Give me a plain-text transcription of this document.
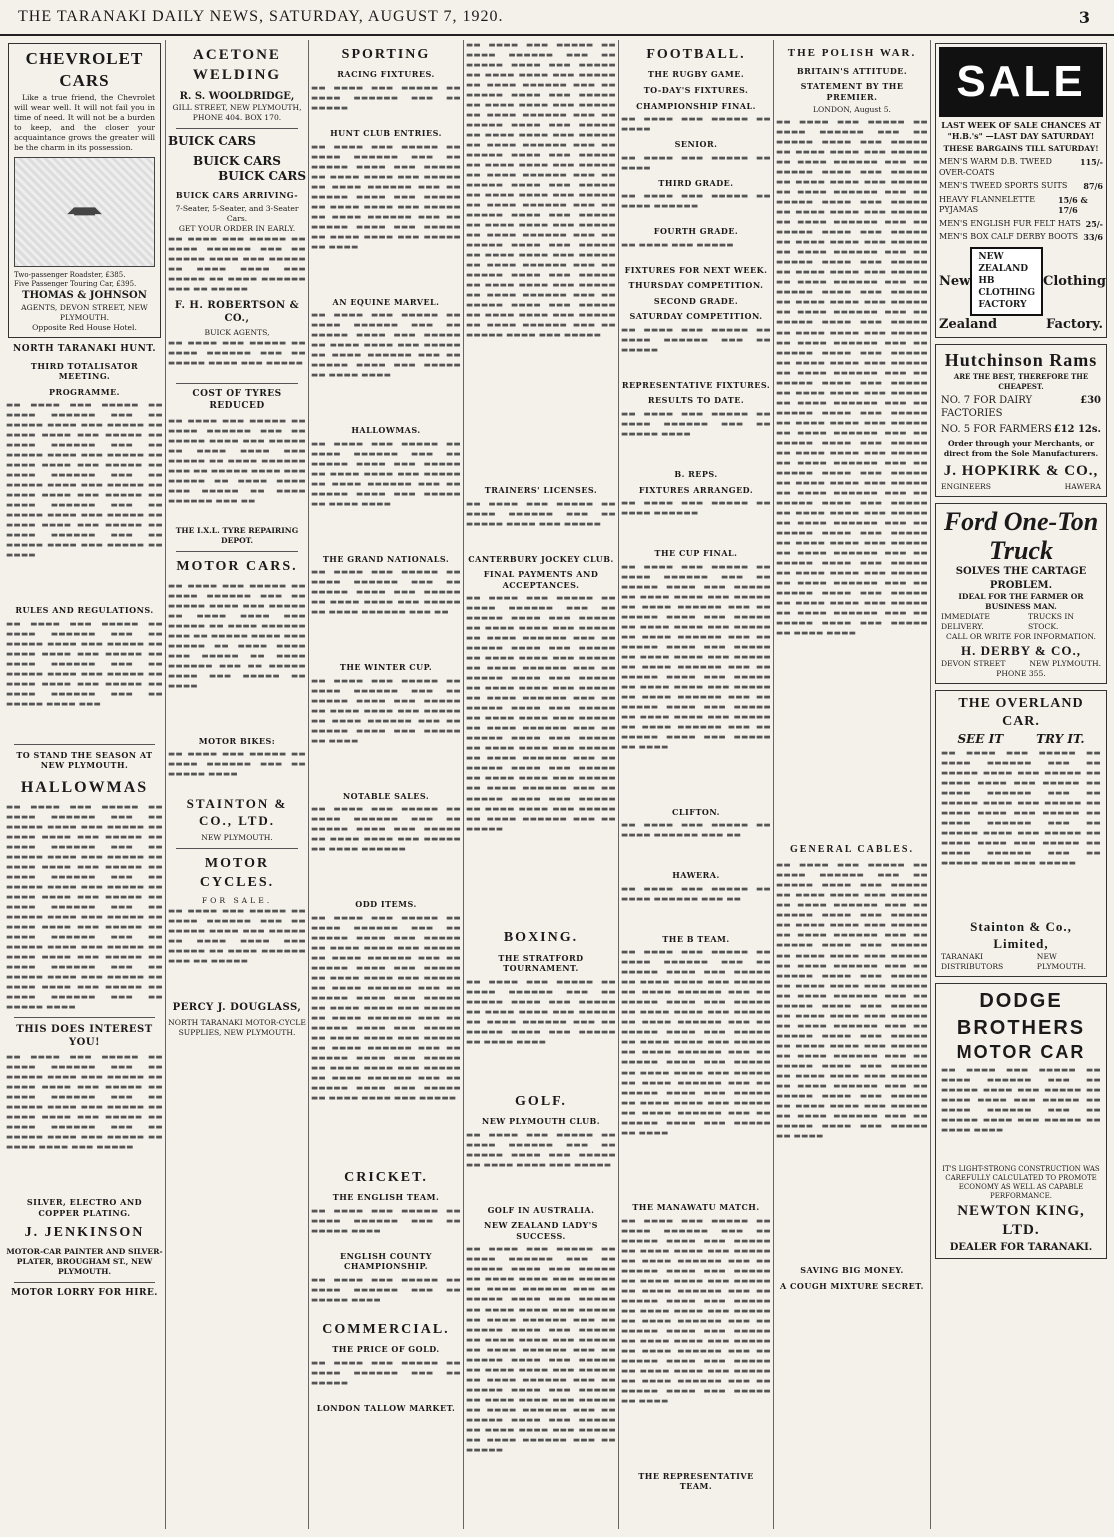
THE TARANAKI DAILY NEWS, SATURDAY, AUGUST 7, 1920.	3
CHEVROLET CARS

Like a true friend, the Chevrolet will wear well. It will not fail you in time of need. It will not be a burden to keep, and the closer your acquaintance grows the greater will be the charm in its possession.

◢▆▆▆◣
Two-passenger Roadster, £385.
Five Passenger Touring Car, £395.
THOMAS & JOHNSON
AGENTS, DEVON STREET, NEW PLYMOUTH.
Opposite Red House Hotel.
NORTH TARANAKI HUNT.
THIRD TOTALISATOR MEETING.
PROGRAMME.
▬▬ ▬▬▬▬ ▬▬▬ ▬▬▬▬▬ ▬▬ ▬▬▬▬ ▬▬▬▬▬▬ ▬▬▬ ▬▬ ▬▬▬▬▬ ▬▬▬▬ ▬▬▬ ▬▬▬▬▬ ▬▬ ▬▬▬▬ ▬▬▬▬ ▬▬▬ ▬▬▬▬▬ ▬▬ ▬▬▬▬ ▬▬▬▬▬▬ ▬▬▬ ▬▬ ▬▬▬▬▬ ▬▬▬▬ ▬▬▬ ▬▬▬▬▬ ▬▬ ▬▬▬▬ ▬▬▬▬ ▬▬▬ ▬▬▬▬▬ ▬▬ ▬▬▬▬ ▬▬▬▬▬▬ ▬▬▬ ▬▬ ▬▬▬▬▬ ▬▬▬▬ ▬▬▬ ▬▬▬▬▬ ▬▬ ▬▬▬▬ ▬▬▬▬ ▬▬▬ ▬▬▬▬▬ ▬▬ ▬▬▬▬ ▬▬▬▬▬▬ ▬▬▬ ▬▬ ▬▬▬▬▬ ▬▬▬▬ ▬▬▬ ▬▬▬▬▬ ▬▬ ▬▬▬▬ ▬▬▬▬ ▬▬▬ ▬▬▬▬▬ ▬▬ ▬▬▬▬ ▬▬▬▬▬▬ ▬▬▬ ▬▬ ▬▬▬▬▬ ▬▬▬▬ ▬▬▬ ▬▬▬▬▬ ▬▬ ▬▬▬▬
RULES AND REGULATIONS.
▬▬ ▬▬▬▬ ▬▬▬ ▬▬▬▬▬ ▬▬ ▬▬▬▬ ▬▬▬▬▬▬ ▬▬▬ ▬▬ ▬▬▬▬▬ ▬▬▬▬ ▬▬▬ ▬▬▬▬▬ ▬▬ ▬▬▬▬ ▬▬▬▬ ▬▬▬ ▬▬▬▬▬ ▬▬ ▬▬▬▬ ▬▬▬▬▬▬ ▬▬▬ ▬▬ ▬▬▬▬▬ ▬▬▬▬ ▬▬▬ ▬▬▬▬▬ ▬▬ ▬▬▬▬ ▬▬▬▬ ▬▬▬ ▬▬▬▬▬ ▬▬ ▬▬▬▬ ▬▬▬▬▬▬ ▬▬▬ ▬▬ ▬▬▬▬▬ ▬▬▬▬ ▬▬▬
TO STAND THE SEASON AT NEW PLYMOUTH.
HALLOWMAS
▬▬ ▬▬▬▬ ▬▬▬ ▬▬▬▬▬ ▬▬ ▬▬▬▬ ▬▬▬▬▬▬ ▬▬▬ ▬▬ ▬▬▬▬▬ ▬▬▬▬ ▬▬▬ ▬▬▬▬▬ ▬▬ ▬▬▬▬ ▬▬▬▬ ▬▬▬ ▬▬▬▬▬ ▬▬ ▬▬▬▬ ▬▬▬▬▬▬ ▬▬▬ ▬▬ ▬▬▬▬▬ ▬▬▬▬ ▬▬▬ ▬▬▬▬▬ ▬▬ ▬▬▬▬ ▬▬▬▬ ▬▬▬ ▬▬▬▬▬ ▬▬ ▬▬▬▬ ▬▬▬▬▬▬ ▬▬▬ ▬▬ ▬▬▬▬▬ ▬▬▬▬ ▬▬▬ ▬▬▬▬▬ ▬▬ ▬▬▬▬ ▬▬▬▬ ▬▬▬ ▬▬▬▬▬ ▬▬ ▬▬▬▬ ▬▬▬▬▬▬ ▬▬▬ ▬▬ ▬▬▬▬▬ ▬▬▬▬ ▬▬▬ ▬▬▬▬▬ ▬▬ ▬▬▬▬ ▬▬▬▬ ▬▬▬ ▬▬▬▬▬ ▬▬ ▬▬▬▬ ▬▬▬▬▬▬ ▬▬▬ ▬▬ ▬▬▬▬▬ ▬▬▬▬ ▬▬▬ ▬▬▬▬▬ ▬▬ ▬▬▬▬ ▬▬▬▬ ▬▬▬ ▬▬▬▬▬ ▬▬ ▬▬▬▬ ▬▬▬▬▬▬ ▬▬▬ ▬▬ ▬▬▬▬▬ ▬▬▬▬ ▬▬▬ ▬▬▬▬▬ ▬▬ ▬▬▬▬ ▬▬▬▬ ▬▬▬ ▬▬▬▬▬ ▬▬ ▬▬▬▬ ▬▬▬▬▬▬ ▬▬▬ ▬▬ ▬▬▬▬▬ ▬▬▬▬
THIS DOES INTEREST YOU!
▬▬ ▬▬▬▬ ▬▬▬ ▬▬▬▬▬ ▬▬ ▬▬▬▬ ▬▬▬▬▬▬ ▬▬▬ ▬▬ ▬▬▬▬▬ ▬▬▬▬ ▬▬▬ ▬▬▬▬▬ ▬▬ ▬▬▬▬ ▬▬▬▬ ▬▬▬ ▬▬▬▬▬ ▬▬ ▬▬▬▬ ▬▬▬▬▬▬ ▬▬▬ ▬▬ ▬▬▬▬▬ ▬▬▬▬ ▬▬▬ ▬▬▬▬▬ ▬▬ ▬▬▬▬ ▬▬▬▬ ▬▬▬ ▬▬▬▬▬ ▬▬ ▬▬▬▬ ▬▬▬▬▬▬ ▬▬▬ ▬▬ ▬▬▬▬▬ ▬▬▬▬ ▬▬▬ ▬▬▬▬▬ ▬▬ ▬▬▬▬ ▬▬▬▬ ▬▬▬ ▬▬▬▬▬
SILVER, ELECTRO AND COPPER PLATING.
J. JENKINSON
MOTOR-CAR PAINTER AND SILVER-PLATER, BROUGHAM ST., NEW PLYMOUTH.
MOTOR LORRY FOR HIRE.
ACETONE WELDING
R. S. WOOLDRIDGE,
GILL STREET, NEW PLYMOUTH, PHONE 404. BOX 170.
BUICK CARS
BUICK CARS
BUICK CARS
BUICK CARS ARRIVING-
7-Seater, 5-Seater, and 3-Seater Cars.
GET YOUR ORDER IN EARLY.
▬▬ ▬▬▬▬ ▬▬▬ ▬▬▬▬▬ ▬▬ ▬▬▬▬ ▬▬▬▬▬▬ ▬▬▬ ▬▬ ▬▬▬▬▬ ▬▬▬▬ ▬▬▬ ▬▬▬▬▬ ▬▬ ▬▬▬▬ ▬▬▬▬ ▬▬▬ ▬▬▬▬▬ ▬▬ ▬▬▬▬ ▬▬▬▬▬▬ ▬▬▬ ▬▬ ▬▬▬▬▬
F. H. ROBERTSON & CO.,
BUICK AGENTS,
▬▬ ▬▬▬▬ ▬▬▬ ▬▬▬▬▬ ▬▬ ▬▬▬▬ ▬▬▬▬▬▬ ▬▬▬ ▬▬ ▬▬▬▬▬ ▬▬▬▬ ▬▬▬ ▬▬▬▬▬
COST OF TYRES REDUCED
▬▬ ▬▬▬▬ ▬▬▬ ▬▬▬▬▬ ▬▬ ▬▬▬▬ ▬▬▬▬▬▬ ▬▬▬ ▬▬ ▬▬▬▬▬ ▬▬▬▬ ▬▬▬ ▬▬▬▬▬ ▬▬ ▬▬▬▬ ▬▬▬▬ ▬▬▬ ▬▬▬▬▬ ▬▬ ▬▬▬▬ ▬▬▬▬▬▬ ▬▬▬ ▬▬ ▬▬▬▬▬ ▬▬▬▬ ▬▬▬ ▬▬▬▬▬ ▬▬ ▬▬▬▬ ▬▬▬▬ ▬▬▬ ▬▬▬▬▬ ▬▬ ▬▬▬▬ ▬▬▬▬▬▬ ▬▬▬ ▬▬
THE I.X.L. TYRE REPAIRING DEPOT.
MOTOR CARS.
▬▬ ▬▬▬▬ ▬▬▬ ▬▬▬▬▬ ▬▬ ▬▬▬▬ ▬▬▬▬▬▬ ▬▬▬ ▬▬ ▬▬▬▬▬ ▬▬▬▬ ▬▬▬ ▬▬▬▬▬ ▬▬ ▬▬▬▬ ▬▬▬▬ ▬▬▬ ▬▬▬▬▬ ▬▬ ▬▬▬▬ ▬▬▬▬▬▬ ▬▬▬ ▬▬ ▬▬▬▬▬ ▬▬▬▬ ▬▬▬ ▬▬▬▬▬ ▬▬ ▬▬▬▬ ▬▬▬▬ ▬▬▬ ▬▬▬▬▬ ▬▬ ▬▬▬▬ ▬▬▬▬▬▬ ▬▬▬ ▬▬ ▬▬▬▬▬ ▬▬▬▬ ▬▬▬ ▬▬▬▬▬ ▬▬ ▬▬▬▬
MOTOR BIKES:
▬▬ ▬▬▬▬ ▬▬▬ ▬▬▬▬▬ ▬▬ ▬▬▬▬ ▬▬▬▬▬▬ ▬▬▬ ▬▬ ▬▬▬▬▬ ▬▬▬▬
STAINTON & CO., LTD.
NEW PLYMOUTH.
MOTOR CYCLES.
FOR SALE.
▬▬ ▬▬▬▬ ▬▬▬ ▬▬▬▬▬ ▬▬ ▬▬▬▬ ▬▬▬▬▬▬ ▬▬▬ ▬▬ ▬▬▬▬▬ ▬▬▬▬ ▬▬▬ ▬▬▬▬▬ ▬▬ ▬▬▬▬ ▬▬▬▬ ▬▬▬ ▬▬▬▬▬ ▬▬ ▬▬▬▬ ▬▬▬▬▬▬ ▬▬▬ ▬▬ ▬▬▬▬▬
PERCY J. DOUGLASS,
NORTH TARANAKI MOTOR-CYCLE SUPPLIES, NEW PLYMOUTH.
SPORTING
RACING FIXTURES.
▬▬ ▬▬▬▬ ▬▬▬ ▬▬▬▬▬ ▬▬ ▬▬▬▬ ▬▬▬▬▬▬ ▬▬▬ ▬▬ ▬▬▬▬▬
HUNT CLUB ENTRIES.
▬▬ ▬▬▬▬ ▬▬▬ ▬▬▬▬▬ ▬▬ ▬▬▬▬ ▬▬▬▬▬▬ ▬▬▬ ▬▬ ▬▬▬▬▬ ▬▬▬▬ ▬▬▬ ▬▬▬▬▬ ▬▬ ▬▬▬▬ ▬▬▬▬ ▬▬▬ ▬▬▬▬▬ ▬▬ ▬▬▬▬ ▬▬▬▬▬▬ ▬▬▬ ▬▬ ▬▬▬▬▬ ▬▬▬▬ ▬▬▬ ▬▬▬▬▬ ▬▬ ▬▬▬▬ ▬▬▬▬ ▬▬▬ ▬▬▬▬▬ ▬▬ ▬▬▬▬ ▬▬▬▬▬▬ ▬▬▬ ▬▬ ▬▬▬▬▬ ▬▬▬▬ ▬▬▬ ▬▬▬▬▬ ▬▬ ▬▬▬▬ ▬▬▬▬ ▬▬▬ ▬▬▬▬▬ ▬▬ ▬▬▬▬
AN EQUINE MARVEL.
▬▬ ▬▬▬▬ ▬▬▬ ▬▬▬▬▬ ▬▬ ▬▬▬▬ ▬▬▬▬▬▬ ▬▬▬ ▬▬ ▬▬▬▬▬ ▬▬▬▬ ▬▬▬ ▬▬▬▬▬ ▬▬ ▬▬▬▬ ▬▬▬▬ ▬▬▬ ▬▬▬▬▬ ▬▬ ▬▬▬▬ ▬▬▬▬▬▬ ▬▬▬ ▬▬ ▬▬▬▬▬ ▬▬▬▬ ▬▬▬ ▬▬▬▬▬ ▬▬ ▬▬▬▬ ▬▬▬▬
HALLOWMAS.
▬▬ ▬▬▬▬ ▬▬▬ ▬▬▬▬▬ ▬▬ ▬▬▬▬ ▬▬▬▬▬▬ ▬▬▬ ▬▬ ▬▬▬▬▬ ▬▬▬▬ ▬▬▬ ▬▬▬▬▬ ▬▬ ▬▬▬▬ ▬▬▬▬ ▬▬▬ ▬▬▬▬▬ ▬▬ ▬▬▬▬ ▬▬▬▬▬▬ ▬▬▬ ▬▬ ▬▬▬▬▬ ▬▬▬▬ ▬▬▬ ▬▬▬▬▬ ▬▬ ▬▬▬▬ ▬▬▬▬
THE GRAND NATIONALS.
▬▬ ▬▬▬▬ ▬▬▬ ▬▬▬▬▬ ▬▬ ▬▬▬▬ ▬▬▬▬▬▬ ▬▬▬ ▬▬ ▬▬▬▬▬ ▬▬▬▬ ▬▬▬ ▬▬▬▬▬ ▬▬ ▬▬▬▬ ▬▬▬▬ ▬▬▬ ▬▬▬▬▬ ▬▬ ▬▬▬▬ ▬▬▬▬▬▬ ▬▬▬ ▬▬
THE WINTER CUP.
▬▬ ▬▬▬▬ ▬▬▬ ▬▬▬▬▬ ▬▬ ▬▬▬▬ ▬▬▬▬▬▬ ▬▬▬ ▬▬ ▬▬▬▬▬ ▬▬▬▬ ▬▬▬ ▬▬▬▬▬ ▬▬ ▬▬▬▬ ▬▬▬▬ ▬▬▬ ▬▬▬▬▬ ▬▬ ▬▬▬▬ ▬▬▬▬▬▬ ▬▬▬ ▬▬ ▬▬▬▬▬ ▬▬▬▬ ▬▬▬ ▬▬▬▬▬ ▬▬ ▬▬▬▬
NOTABLE SALES.
▬▬ ▬▬▬▬ ▬▬▬ ▬▬▬▬▬ ▬▬ ▬▬▬▬ ▬▬▬▬▬▬ ▬▬▬ ▬▬ ▬▬▬▬▬ ▬▬▬▬ ▬▬▬ ▬▬▬▬▬ ▬▬ ▬▬▬▬ ▬▬▬▬ ▬▬▬ ▬▬▬▬▬ ▬▬ ▬▬▬▬ ▬▬▬▬▬▬
ODD ITEMS.
▬▬ ▬▬▬▬ ▬▬▬ ▬▬▬▬▬ ▬▬ ▬▬▬▬ ▬▬▬▬▬▬ ▬▬▬ ▬▬ ▬▬▬▬▬ ▬▬▬▬ ▬▬▬ ▬▬▬▬▬ ▬▬ ▬▬▬▬ ▬▬▬▬ ▬▬▬ ▬▬▬▬▬ ▬▬ ▬▬▬▬ ▬▬▬▬▬▬ ▬▬▬ ▬▬ ▬▬▬▬▬ ▬▬▬▬ ▬▬▬ ▬▬▬▬▬ ▬▬ ▬▬▬▬ ▬▬▬▬ ▬▬▬ ▬▬▬▬▬ ▬▬ ▬▬▬▬ ▬▬▬▬▬▬ ▬▬▬ ▬▬ ▬▬▬▬▬ ▬▬▬▬ ▬▬▬ ▬▬▬▬▬ ▬▬ ▬▬▬▬ ▬▬▬▬ ▬▬▬ ▬▬▬▬▬ ▬▬ ▬▬▬▬ ▬▬▬▬▬▬ ▬▬▬ ▬▬ ▬▬▬▬▬ ▬▬▬▬ ▬▬▬ ▬▬▬▬▬ ▬▬ ▬▬▬▬ ▬▬▬▬ ▬▬▬ ▬▬▬▬▬ ▬▬ ▬▬▬▬ ▬▬▬▬▬▬ ▬▬▬ ▬▬ ▬▬▬▬▬ ▬▬▬▬ ▬▬▬ ▬▬▬▬▬ ▬▬ ▬▬▬▬ ▬▬▬▬ ▬▬▬ ▬▬▬▬▬ ▬▬ ▬▬▬▬ ▬▬▬▬▬▬ ▬▬▬ ▬▬ ▬▬▬▬▬ ▬▬▬▬ ▬▬▬ ▬▬▬▬▬ ▬▬ ▬▬▬▬ ▬▬▬▬ ▬▬▬ ▬▬▬▬▬
CRICKET.
THE ENGLISH TEAM.
▬▬ ▬▬▬▬ ▬▬▬ ▬▬▬▬▬ ▬▬ ▬▬▬▬ ▬▬▬▬▬▬ ▬▬▬ ▬▬ ▬▬▬▬▬ ▬▬▬▬
ENGLISH COUNTY CHAMPIONSHIP.
▬▬ ▬▬▬▬ ▬▬▬ ▬▬▬▬▬ ▬▬ ▬▬▬▬ ▬▬▬▬▬▬ ▬▬▬ ▬▬ ▬▬▬▬▬ ▬▬▬▬
COMMERCIAL.
THE PRICE OF GOLD.
▬▬ ▬▬▬▬ ▬▬▬ ▬▬▬▬▬ ▬▬ ▬▬▬▬ ▬▬▬▬▬▬ ▬▬▬ ▬▬ ▬▬▬▬▬
LONDON TALLOW MARKET.
▬▬ ▬▬▬▬ ▬▬▬ ▬▬▬▬▬ ▬▬ ▬▬▬▬ ▬▬▬▬▬▬ ▬▬▬ ▬▬ ▬▬▬▬▬ ▬▬▬▬ ▬▬▬ ▬▬▬▬▬ ▬▬ ▬▬▬▬ ▬▬▬▬ ▬▬▬ ▬▬▬▬▬ ▬▬ ▬▬▬▬ ▬▬▬▬▬▬ ▬▬▬ ▬▬ ▬▬▬▬▬ ▬▬▬▬ ▬▬▬ ▬▬▬▬▬ ▬▬ ▬▬▬▬ ▬▬▬▬ ▬▬▬ ▬▬▬▬▬ ▬▬ ▬▬▬▬ ▬▬▬▬▬▬ ▬▬▬ ▬▬ ▬▬▬▬▬ ▬▬▬▬ ▬▬▬ ▬▬▬▬▬ ▬▬ ▬▬▬▬ ▬▬▬▬ ▬▬▬ ▬▬▬▬▬ ▬▬ ▬▬▬▬ ▬▬▬▬▬▬ ▬▬▬ ▬▬ ▬▬▬▬▬ ▬▬▬▬ ▬▬▬ ▬▬▬▬▬ ▬▬ ▬▬▬▬ ▬▬▬▬ ▬▬▬ ▬▬▬▬▬ ▬▬ ▬▬▬▬ ▬▬▬▬▬▬ ▬▬▬ ▬▬ ▬▬▬▬▬ ▬▬▬▬ ▬▬▬ ▬▬▬▬▬ ▬▬ ▬▬▬▬ ▬▬▬▬ ▬▬▬ ▬▬▬▬▬ ▬▬ ▬▬▬▬ ▬▬▬▬▬▬ ▬▬▬ ▬▬ ▬▬▬▬▬ ▬▬▬▬ ▬▬▬ ▬▬▬▬▬ ▬▬ ▬▬▬▬ ▬▬▬▬ ▬▬▬ ▬▬▬▬▬ ▬▬ ▬▬▬▬ ▬▬▬▬▬▬ ▬▬▬ ▬▬ ▬▬▬▬▬ ▬▬▬▬ ▬▬▬ ▬▬▬▬▬ ▬▬ ▬▬▬▬ ▬▬▬▬ ▬▬▬ ▬▬▬▬▬ ▬▬ ▬▬▬▬ ▬▬▬▬▬▬ ▬▬▬ ▬▬ ▬▬▬▬▬ ▬▬▬▬ ▬▬▬ ▬▬▬▬▬ ▬▬ ▬▬▬▬ ▬▬▬▬ ▬▬▬ ▬▬▬▬▬ ▬▬ ▬▬▬▬ ▬▬▬▬▬▬ ▬▬▬ ▬▬ ▬▬▬▬▬ ▬▬▬▬ ▬▬▬ ▬▬▬▬▬ ▬▬ ▬▬▬▬ ▬▬▬▬ ▬▬▬ ▬▬▬▬▬ ▬▬ ▬▬▬▬ ▬▬▬▬▬▬ ▬▬▬ ▬▬ ▬▬▬▬▬ ▬▬▬▬ ▬▬▬ ▬▬▬▬▬
TRAINERS' LICENSES.
▬▬ ▬▬▬▬ ▬▬▬ ▬▬▬▬▬ ▬▬ ▬▬▬▬ ▬▬▬▬▬▬ ▬▬▬ ▬▬ ▬▬▬▬▬ ▬▬▬▬ ▬▬▬ ▬▬▬▬▬
CANTERBURY JOCKEY CLUB.
FINAL PAYMENTS AND ACCEPTANCES.
▬▬ ▬▬▬▬ ▬▬▬ ▬▬▬▬▬ ▬▬ ▬▬▬▬ ▬▬▬▬▬▬ ▬▬▬ ▬▬ ▬▬▬▬▬ ▬▬▬▬ ▬▬▬ ▬▬▬▬▬ ▬▬ ▬▬▬▬ ▬▬▬▬ ▬▬▬ ▬▬▬▬▬ ▬▬ ▬▬▬▬ ▬▬▬▬▬▬ ▬▬▬ ▬▬ ▬▬▬▬▬ ▬▬▬▬ ▬▬▬ ▬▬▬▬▬ ▬▬ ▬▬▬▬ ▬▬▬▬ ▬▬▬ ▬▬▬▬▬ ▬▬ ▬▬▬▬ ▬▬▬▬▬▬ ▬▬▬ ▬▬ ▬▬▬▬▬ ▬▬▬▬ ▬▬▬ ▬▬▬▬▬ ▬▬ ▬▬▬▬ ▬▬▬▬ ▬▬▬ ▬▬▬▬▬ ▬▬ ▬▬▬▬ ▬▬▬▬▬▬ ▬▬▬ ▬▬ ▬▬▬▬▬ ▬▬▬▬ ▬▬▬ ▬▬▬▬▬ ▬▬ ▬▬▬▬ ▬▬▬▬ ▬▬▬ ▬▬▬▬▬ ▬▬ ▬▬▬▬ ▬▬▬▬▬▬ ▬▬▬ ▬▬ ▬▬▬▬▬ ▬▬▬▬ ▬▬▬ ▬▬▬▬▬ ▬▬ ▬▬▬▬ ▬▬▬▬ ▬▬▬ ▬▬▬▬▬ ▬▬ ▬▬▬▬ ▬▬▬▬▬▬ ▬▬▬ ▬▬ ▬▬▬▬▬ ▬▬▬▬ ▬▬▬ ▬▬▬▬▬ ▬▬ ▬▬▬▬ ▬▬▬▬ ▬▬▬ ▬▬▬▬▬ ▬▬ ▬▬▬▬ ▬▬▬▬▬▬ ▬▬▬ ▬▬ ▬▬▬▬▬ ▬▬▬▬ ▬▬▬ ▬▬▬▬▬ ▬▬ ▬▬▬▬ ▬▬▬▬ ▬▬▬ ▬▬▬▬▬ ▬▬ ▬▬▬▬ ▬▬▬▬▬▬ ▬▬▬ ▬▬ ▬▬▬▬▬
BOXING.
THE STRATFORD TOURNAMENT.
▬▬ ▬▬▬▬ ▬▬▬ ▬▬▬▬▬ ▬▬ ▬▬▬▬ ▬▬▬▬▬▬ ▬▬▬ ▬▬ ▬▬▬▬▬ ▬▬▬▬ ▬▬▬ ▬▬▬▬▬ ▬▬ ▬▬▬▬ ▬▬▬▬ ▬▬▬ ▬▬▬▬▬ ▬▬ ▬▬▬▬ ▬▬▬▬▬▬ ▬▬▬ ▬▬ ▬▬▬▬▬ ▬▬▬▬ ▬▬▬ ▬▬▬▬▬ ▬▬ ▬▬▬▬ ▬▬▬▬
GOLF.
NEW PLYMOUTH CLUB.
▬▬ ▬▬▬▬ ▬▬▬ ▬▬▬▬▬ ▬▬ ▬▬▬▬ ▬▬▬▬▬▬ ▬▬▬ ▬▬ ▬▬▬▬▬ ▬▬▬▬ ▬▬▬ ▬▬▬▬▬ ▬▬ ▬▬▬▬ ▬▬▬▬ ▬▬▬ ▬▬▬▬▬
GOLF IN AUSTRALIA.
NEW ZEALAND LADY'S SUCCESS.
▬▬ ▬▬▬▬ ▬▬▬ ▬▬▬▬▬ ▬▬ ▬▬▬▬ ▬▬▬▬▬▬ ▬▬▬ ▬▬ ▬▬▬▬▬ ▬▬▬▬ ▬▬▬ ▬▬▬▬▬ ▬▬ ▬▬▬▬ ▬▬▬▬ ▬▬▬ ▬▬▬▬▬ ▬▬ ▬▬▬▬ ▬▬▬▬▬▬ ▬▬▬ ▬▬ ▬▬▬▬▬ ▬▬▬▬ ▬▬▬ ▬▬▬▬▬ ▬▬ ▬▬▬▬ ▬▬▬▬ ▬▬▬ ▬▬▬▬▬ ▬▬ ▬▬▬▬ ▬▬▬▬▬▬ ▬▬▬ ▬▬ ▬▬▬▬▬ ▬▬▬▬ ▬▬▬ ▬▬▬▬▬ ▬▬ ▬▬▬▬ ▬▬▬▬ ▬▬▬ ▬▬▬▬▬ ▬▬ ▬▬▬▬ ▬▬▬▬▬▬ ▬▬▬ ▬▬ ▬▬▬▬▬ ▬▬▬▬ ▬▬▬ ▬▬▬▬▬ ▬▬ ▬▬▬▬ ▬▬▬▬ ▬▬▬ ▬▬▬▬▬ ▬▬ ▬▬▬▬ ▬▬▬▬▬▬ ▬▬▬ ▬▬ ▬▬▬▬▬ ▬▬▬▬ ▬▬▬ ▬▬▬▬▬ ▬▬ ▬▬▬▬ ▬▬▬▬ ▬▬▬ ▬▬▬▬▬ ▬▬ ▬▬▬▬ ▬▬▬▬▬▬ ▬▬▬ ▬▬ ▬▬▬▬▬ ▬▬▬▬ ▬▬▬ ▬▬▬▬▬ ▬▬ ▬▬▬▬ ▬▬▬▬ ▬▬▬ ▬▬▬▬▬ ▬▬ ▬▬▬▬ ▬▬▬▬▬▬ ▬▬▬ ▬▬ ▬▬▬▬▬
FOOTBALL.
THE RUGBY GAME.
TO-DAY'S FIXTURES.
CHAMPIONSHIP FINAL.
▬▬ ▬▬▬▬ ▬▬▬ ▬▬▬▬▬ ▬▬ ▬▬▬▬
SENIOR.
▬▬ ▬▬▬▬ ▬▬▬ ▬▬▬▬▬ ▬▬ ▬▬▬▬
THIRD GRADE.
▬▬ ▬▬▬▬ ▬▬▬ ▬▬▬▬▬ ▬▬ ▬▬▬▬ ▬▬▬▬▬▬
FOURTH GRADE.
▬▬ ▬▬▬▬ ▬▬▬ ▬▬▬▬▬
FIXTURES FOR NEXT WEEK.
THURSDAY COMPETITION.
SECOND GRADE.
SATURDAY COMPETITION.
▬▬ ▬▬▬▬ ▬▬▬ ▬▬▬▬▬ ▬▬ ▬▬▬▬ ▬▬▬▬▬▬ ▬▬▬ ▬▬ ▬▬▬▬▬
REPRESENTATIVE FIXTURES.
RESULTS TO DATE.
▬▬ ▬▬▬▬ ▬▬▬ ▬▬▬▬▬ ▬▬ ▬▬▬▬ ▬▬▬▬▬▬ ▬▬▬ ▬▬ ▬▬▬▬▬ ▬▬▬▬
B. REPS.
FIXTURES ARRANGED.
▬▬ ▬▬▬▬ ▬▬▬ ▬▬▬▬▬ ▬▬ ▬▬▬▬ ▬▬▬▬▬▬
THE CUP FINAL.
▬▬ ▬▬▬▬ ▬▬▬ ▬▬▬▬▬ ▬▬ ▬▬▬▬ ▬▬▬▬▬▬ ▬▬▬ ▬▬ ▬▬▬▬▬ ▬▬▬▬ ▬▬▬ ▬▬▬▬▬ ▬▬ ▬▬▬▬ ▬▬▬▬ ▬▬▬ ▬▬▬▬▬ ▬▬ ▬▬▬▬ ▬▬▬▬▬▬ ▬▬▬ ▬▬ ▬▬▬▬▬ ▬▬▬▬ ▬▬▬ ▬▬▬▬▬ ▬▬ ▬▬▬▬ ▬▬▬▬ ▬▬▬ ▬▬▬▬▬ ▬▬ ▬▬▬▬ ▬▬▬▬▬▬ ▬▬▬ ▬▬ ▬▬▬▬▬ ▬▬▬▬ ▬▬▬ ▬▬▬▬▬ ▬▬ ▬▬▬▬ ▬▬▬▬ ▬▬▬ ▬▬▬▬▬ ▬▬ ▬▬▬▬ ▬▬▬▬▬▬ ▬▬▬ ▬▬ ▬▬▬▬▬ ▬▬▬▬ ▬▬▬ ▬▬▬▬▬ ▬▬ ▬▬▬▬ ▬▬▬▬ ▬▬▬ ▬▬▬▬▬ ▬▬ ▬▬▬▬ ▬▬▬▬▬▬ ▬▬▬ ▬▬ ▬▬▬▬▬ ▬▬▬▬ ▬▬▬ ▬▬▬▬▬ ▬▬ ▬▬▬▬ ▬▬▬▬ ▬▬▬ ▬▬▬▬▬ ▬▬ ▬▬▬▬ ▬▬▬▬▬▬ ▬▬▬ ▬▬ ▬▬▬▬▬ ▬▬▬▬ ▬▬▬ ▬▬▬▬▬ ▬▬ ▬▬▬▬
CLIFTON.
▬▬ ▬▬▬▬ ▬▬▬ ▬▬▬▬▬ ▬▬ ▬▬▬▬ ▬▬▬▬▬▬ ▬▬▬ ▬▬
HAWERA.
▬▬ ▬▬▬▬ ▬▬▬ ▬▬▬▬▬ ▬▬ ▬▬▬▬ ▬▬▬▬▬▬ ▬▬▬ ▬▬
THE B TEAM.
▬▬ ▬▬▬▬ ▬▬▬ ▬▬▬▬▬ ▬▬ ▬▬▬▬ ▬▬▬▬▬▬ ▬▬▬ ▬▬ ▬▬▬▬▬ ▬▬▬▬ ▬▬▬ ▬▬▬▬▬ ▬▬ ▬▬▬▬ ▬▬▬▬ ▬▬▬ ▬▬▬▬▬ ▬▬ ▬▬▬▬ ▬▬▬▬▬▬ ▬▬▬ ▬▬ ▬▬▬▬▬ ▬▬▬▬ ▬▬▬ ▬▬▬▬▬ ▬▬ ▬▬▬▬ ▬▬▬▬ ▬▬▬ ▬▬▬▬▬ ▬▬ ▬▬▬▬ ▬▬▬▬▬▬ ▬▬▬ ▬▬ ▬▬▬▬▬ ▬▬▬▬ ▬▬▬ ▬▬▬▬▬ ▬▬ ▬▬▬▬ ▬▬▬▬ ▬▬▬ ▬▬▬▬▬ ▬▬ ▬▬▬▬ ▬▬▬▬▬▬ ▬▬▬ ▬▬ ▬▬▬▬▬ ▬▬▬▬ ▬▬▬ ▬▬▬▬▬ ▬▬ ▬▬▬▬ ▬▬▬▬ ▬▬▬ ▬▬▬▬▬ ▬▬ ▬▬▬▬ ▬▬▬▬▬▬ ▬▬▬ ▬▬ ▬▬▬▬▬ ▬▬▬▬ ▬▬▬ ▬▬▬▬▬ ▬▬ ▬▬▬▬ ▬▬▬▬ ▬▬▬ ▬▬▬▬▬ ▬▬ ▬▬▬▬ ▬▬▬▬▬▬ ▬▬▬ ▬▬ ▬▬▬▬▬ ▬▬▬▬ ▬▬▬ ▬▬▬▬▬ ▬▬ ▬▬▬▬
THE MANAWATU MATCH.
▬▬ ▬▬▬▬ ▬▬▬ ▬▬▬▬▬ ▬▬ ▬▬▬▬ ▬▬▬▬▬▬ ▬▬▬ ▬▬ ▬▬▬▬▬ ▬▬▬▬ ▬▬▬ ▬▬▬▬▬ ▬▬ ▬▬▬▬ ▬▬▬▬ ▬▬▬ ▬▬▬▬▬ ▬▬ ▬▬▬▬ ▬▬▬▬▬▬ ▬▬▬ ▬▬ ▬▬▬▬▬ ▬▬▬▬ ▬▬▬ ▬▬▬▬▬ ▬▬ ▬▬▬▬ ▬▬▬▬ ▬▬▬ ▬▬▬▬▬ ▬▬ ▬▬▬▬ ▬▬▬▬▬▬ ▬▬▬ ▬▬ ▬▬▬▬▬ ▬▬▬▬ ▬▬▬ ▬▬▬▬▬ ▬▬ ▬▬▬▬ ▬▬▬▬ ▬▬▬ ▬▬▬▬▬ ▬▬ ▬▬▬▬ ▬▬▬▬▬▬ ▬▬▬ ▬▬ ▬▬▬▬▬ ▬▬▬▬ ▬▬▬ ▬▬▬▬▬ ▬▬ ▬▬▬▬ ▬▬▬▬ ▬▬▬ ▬▬▬▬▬ ▬▬ ▬▬▬▬ ▬▬▬▬▬▬ ▬▬▬ ▬▬ ▬▬▬▬▬ ▬▬▬▬ ▬▬▬ ▬▬▬▬▬ ▬▬ ▬▬▬▬ ▬▬▬▬ ▬▬▬ ▬▬▬▬▬ ▬▬ ▬▬▬▬ ▬▬▬▬▬▬ ▬▬▬ ▬▬ ▬▬▬▬▬ ▬▬▬▬ ▬▬▬ ▬▬▬▬▬ ▬▬ ▬▬▬▬
THE REPRESENTATIVE TEAM.
THE POLISH WAR.
BRITAIN'S ATTITUDE.
STATEMENT BY THE PREMIER.
LONDON, August 5.
▬▬ ▬▬▬▬ ▬▬▬ ▬▬▬▬▬ ▬▬ ▬▬▬▬ ▬▬▬▬▬▬ ▬▬▬ ▬▬ ▬▬▬▬▬ ▬▬▬▬ ▬▬▬ ▬▬▬▬▬ ▬▬ ▬▬▬▬ ▬▬▬▬ ▬▬▬ ▬▬▬▬▬ ▬▬ ▬▬▬▬ ▬▬▬▬▬▬ ▬▬▬ ▬▬ ▬▬▬▬▬ ▬▬▬▬ ▬▬▬ ▬▬▬▬▬ ▬▬ ▬▬▬▬ ▬▬▬▬ ▬▬▬ ▬▬▬▬▬ ▬▬ ▬▬▬▬ ▬▬▬▬▬▬ ▬▬▬ ▬▬ ▬▬▬▬▬ ▬▬▬▬ ▬▬▬ ▬▬▬▬▬ ▬▬ ▬▬▬▬ ▬▬▬▬ ▬▬▬ ▬▬▬▬▬ ▬▬ ▬▬▬▬ ▬▬▬▬▬▬ ▬▬▬ ▬▬ ▬▬▬▬▬ ▬▬▬▬ ▬▬▬ ▬▬▬▬▬ ▬▬ ▬▬▬▬ ▬▬▬▬ ▬▬▬ ▬▬▬▬▬ ▬▬ ▬▬▬▬ ▬▬▬▬▬▬ ▬▬▬ ▬▬ ▬▬▬▬▬ ▬▬▬▬ ▬▬▬ ▬▬▬▬▬ ▬▬ ▬▬▬▬ ▬▬▬▬ ▬▬▬ ▬▬▬▬▬ ▬▬ ▬▬▬▬ ▬▬▬▬▬▬ ▬▬▬ ▬▬ ▬▬▬▬▬ ▬▬▬▬ ▬▬▬ ▬▬▬▬▬ ▬▬ ▬▬▬▬ ▬▬▬▬ ▬▬▬ ▬▬▬▬▬ ▬▬ ▬▬▬▬ ▬▬▬▬▬▬ ▬▬▬ ▬▬ ▬▬▬▬▬ ▬▬▬▬ ▬▬▬ ▬▬▬▬▬ ▬▬ ▬▬▬▬ ▬▬▬▬ ▬▬▬ ▬▬▬▬▬ ▬▬ ▬▬▬▬ ▬▬▬▬▬▬ ▬▬▬ ▬▬ ▬▬▬▬▬ ▬▬▬▬ ▬▬▬ ▬▬▬▬▬ ▬▬ ▬▬▬▬ ▬▬▬▬ ▬▬▬ ▬▬▬▬▬ ▬▬ ▬▬▬▬ ▬▬▬▬▬▬ ▬▬▬ ▬▬ ▬▬▬▬▬ ▬▬▬▬ ▬▬▬ ▬▬▬▬▬ ▬▬ ▬▬▬▬ ▬▬▬▬ ▬▬▬ ▬▬▬▬▬ ▬▬ ▬▬▬▬ ▬▬▬▬▬▬ ▬▬▬ ▬▬ ▬▬▬▬▬ ▬▬▬▬ ▬▬▬ ▬▬▬▬▬ ▬▬ ▬▬▬▬ ▬▬▬▬ ▬▬▬ ▬▬▬▬▬ ▬▬ ▬▬▬▬ ▬▬▬▬▬▬ ▬▬▬ ▬▬ ▬▬▬▬▬ ▬▬▬▬ ▬▬▬ ▬▬▬▬▬ ▬▬ ▬▬▬▬ ▬▬▬▬ ▬▬▬ ▬▬▬▬▬ ▬▬ ▬▬▬▬ ▬▬▬▬▬▬ ▬▬▬ ▬▬ ▬▬▬▬▬ ▬▬▬▬ ▬▬▬ ▬▬▬▬▬ ▬▬ ▬▬▬▬ ▬▬▬▬ ▬▬▬ ▬▬▬▬▬ ▬▬ ▬▬▬▬ ▬▬▬▬▬▬ ▬▬▬ ▬▬ ▬▬▬▬▬ ▬▬▬▬ ▬▬▬ ▬▬▬▬▬ ▬▬ ▬▬▬▬ ▬▬▬▬ ▬▬▬ ▬▬▬▬▬ ▬▬ ▬▬▬▬ ▬▬▬▬▬▬ ▬▬▬ ▬▬ ▬▬▬▬▬ ▬▬▬▬ ▬▬▬ ▬▬▬▬▬ ▬▬ ▬▬▬▬ ▬▬▬▬ ▬▬▬ ▬▬▬▬▬ ▬▬ ▬▬▬▬ ▬▬▬▬▬▬ ▬▬▬ ▬▬ ▬▬▬▬▬ ▬▬▬▬ ▬▬▬ ▬▬▬▬▬ ▬▬ ▬▬▬▬ ▬▬▬▬ ▬▬▬ ▬▬▬▬▬ ▬▬ ▬▬▬▬ ▬▬▬▬▬▬ ▬▬▬ ▬▬ ▬▬▬▬▬ ▬▬▬▬ ▬▬▬ ▬▬▬▬▬ ▬▬ ▬▬▬▬ ▬▬▬▬ ▬▬▬ ▬▬▬▬▬ ▬▬ ▬▬▬▬ ▬▬▬▬▬▬ ▬▬▬ ▬▬ ▬▬▬▬▬ ▬▬▬▬ ▬▬▬ ▬▬▬▬▬ ▬▬ ▬▬▬▬ ▬▬▬▬
GENERAL CABLES.
▬▬ ▬▬▬▬ ▬▬▬ ▬▬▬▬▬ ▬▬ ▬▬▬▬ ▬▬▬▬▬▬ ▬▬▬ ▬▬ ▬▬▬▬▬ ▬▬▬▬ ▬▬▬ ▬▬▬▬▬ ▬▬ ▬▬▬▬ ▬▬▬▬ ▬▬▬ ▬▬▬▬▬ ▬▬ ▬▬▬▬ ▬▬▬▬▬▬ ▬▬▬ ▬▬ ▬▬▬▬▬ ▬▬▬▬ ▬▬▬ ▬▬▬▬▬ ▬▬ ▬▬▬▬ ▬▬▬▬ ▬▬▬ ▬▬▬▬▬ ▬▬ ▬▬▬▬ ▬▬▬▬▬▬ ▬▬▬ ▬▬ ▬▬▬▬▬ ▬▬▬▬ ▬▬▬ ▬▬▬▬▬ ▬▬ ▬▬▬▬ ▬▬▬▬ ▬▬▬ ▬▬▬▬▬ ▬▬ ▬▬▬▬ ▬▬▬▬▬▬ ▬▬▬ ▬▬ ▬▬▬▬▬ ▬▬▬▬ ▬▬▬ ▬▬▬▬▬ ▬▬ ▬▬▬▬ ▬▬▬▬ ▬▬▬ ▬▬▬▬▬ ▬▬ ▬▬▬▬ ▬▬▬▬▬▬ ▬▬▬ ▬▬ ▬▬▬▬▬ ▬▬▬▬ ▬▬▬ ▬▬▬▬▬ ▬▬ ▬▬▬▬ ▬▬▬▬ ▬▬▬ ▬▬▬▬▬ ▬▬ ▬▬▬▬ ▬▬▬▬▬▬ ▬▬▬ ▬▬ ▬▬▬▬▬ ▬▬▬▬ ▬▬▬ ▬▬▬▬▬ ▬▬ ▬▬▬▬ ▬▬▬▬ ▬▬▬ ▬▬▬▬▬ ▬▬ ▬▬▬▬ ▬▬▬▬▬▬ ▬▬▬ ▬▬ ▬▬▬▬▬ ▬▬▬▬ ▬▬▬ ▬▬▬▬▬ ▬▬ ▬▬▬▬ ▬▬▬▬ ▬▬▬ ▬▬▬▬▬ ▬▬ ▬▬▬▬ ▬▬▬▬▬▬ ▬▬▬ ▬▬ ▬▬▬▬▬ ▬▬▬▬ ▬▬▬ ▬▬▬▬▬ ▬▬ ▬▬▬▬ ▬▬▬▬ ▬▬▬ ▬▬▬▬▬ ▬▬ ▬▬▬▬ ▬▬▬▬▬▬ ▬▬▬ ▬▬ ▬▬▬▬▬ ▬▬▬▬ ▬▬▬ ▬▬▬▬▬ ▬▬ ▬▬▬▬
SAVING BIG MONEY.
A COUGH MIXTURE SECRET.
SALE
LAST WEEK OF SALE CHANCES AT "H.B.'s" —LAST DAY SATURDAY!
THESE BARGAINS TILL SATURDAY!
MEN'S WARM D.B. TWEED OVER-COATS
115/-
MEN'S TWEED SPORTS SUITS 87/6
HEAVY FLANNELETTE PYJAMAS
15/6 & 17/6
MEN'S ENGLISH FUR FELT HATS 25/-
MEN'S BOX CALF DERBY BOOTS 33/6
New
NEW ZEALAND HB CLOTHING FACTORY
Clothing
Zealand	Factory.
Hutchinson Rams
ARE THE BEST, THEREFORE THE CHEAPEST.
NO. 7 FOR DAIRY FACTORIES
£30
NO. 5 FOR FARMERS £12 12s.
Order through your Merchants, or direct from the Sole Manufacturers.
J. HOPKIRK & CO.,
ENGINEERS	HAWERA
Ford One-Ton Truck
SOLVES THE CARTAGE PROBLEM.
IDEAL FOR THE FARMER OR BUSINESS MAN.
IMMEDIATE DELIVERY.
TRUCKS IN STOCK.
CALL OR WRITE FOR INFORMATION.
H. DERBY & CO.,
DEVON STREET	NEW PLYMOUTH.
PHONE 355.
THE OVERLAND CAR.
SEE IT	TRY IT.
▬▬ ▬▬▬▬ ▬▬▬ ▬▬▬▬▬ ▬▬ ▬▬▬▬ ▬▬▬▬▬▬ ▬▬▬ ▬▬ ▬▬▬▬▬ ▬▬▬▬ ▬▬▬ ▬▬▬▬▬ ▬▬ ▬▬▬▬ ▬▬▬▬ ▬▬▬ ▬▬▬▬▬ ▬▬ ▬▬▬▬ ▬▬▬▬▬▬ ▬▬▬ ▬▬ ▬▬▬▬▬ ▬▬▬▬ ▬▬▬ ▬▬▬▬▬ ▬▬ ▬▬▬▬ ▬▬▬▬ ▬▬▬ ▬▬▬▬▬ ▬▬ ▬▬▬▬ ▬▬▬▬▬▬ ▬▬▬ ▬▬ ▬▬▬▬▬ ▬▬▬▬ ▬▬▬ ▬▬▬▬▬ ▬▬ ▬▬▬▬ ▬▬▬▬ ▬▬▬ ▬▬▬▬▬ ▬▬ ▬▬▬▬ ▬▬▬▬▬▬ ▬▬▬ ▬▬ ▬▬▬▬▬ ▬▬▬▬ ▬▬▬ ▬▬▬▬▬
Stainton & Co., Limited,
TARANAKI DISTRIBUTORS
NEW PLYMOUTH.
DODGE BROTHERS
MOTOR CAR
▬▬ ▬▬▬▬ ▬▬▬ ▬▬▬▬▬ ▬▬ ▬▬▬▬ ▬▬▬▬▬▬ ▬▬▬ ▬▬ ▬▬▬▬▬ ▬▬▬▬ ▬▬▬ ▬▬▬▬▬ ▬▬ ▬▬▬▬ ▬▬▬▬ ▬▬▬ ▬▬▬▬▬ ▬▬ ▬▬▬▬ ▬▬▬▬▬▬ ▬▬▬ ▬▬ ▬▬▬▬▬ ▬▬▬▬ ▬▬▬ ▬▬▬▬▬ ▬▬ ▬▬▬▬ ▬▬▬▬
IT'S LIGHT-STRONG CONSTRUCTION WAS CAREFULLY CALCULATED TO PROMOTE ECONOMY AS WELL AS CAPABLE PERFORMANCE.
NEWTON KING, LTD.
DEALER FOR TARANAKI.
